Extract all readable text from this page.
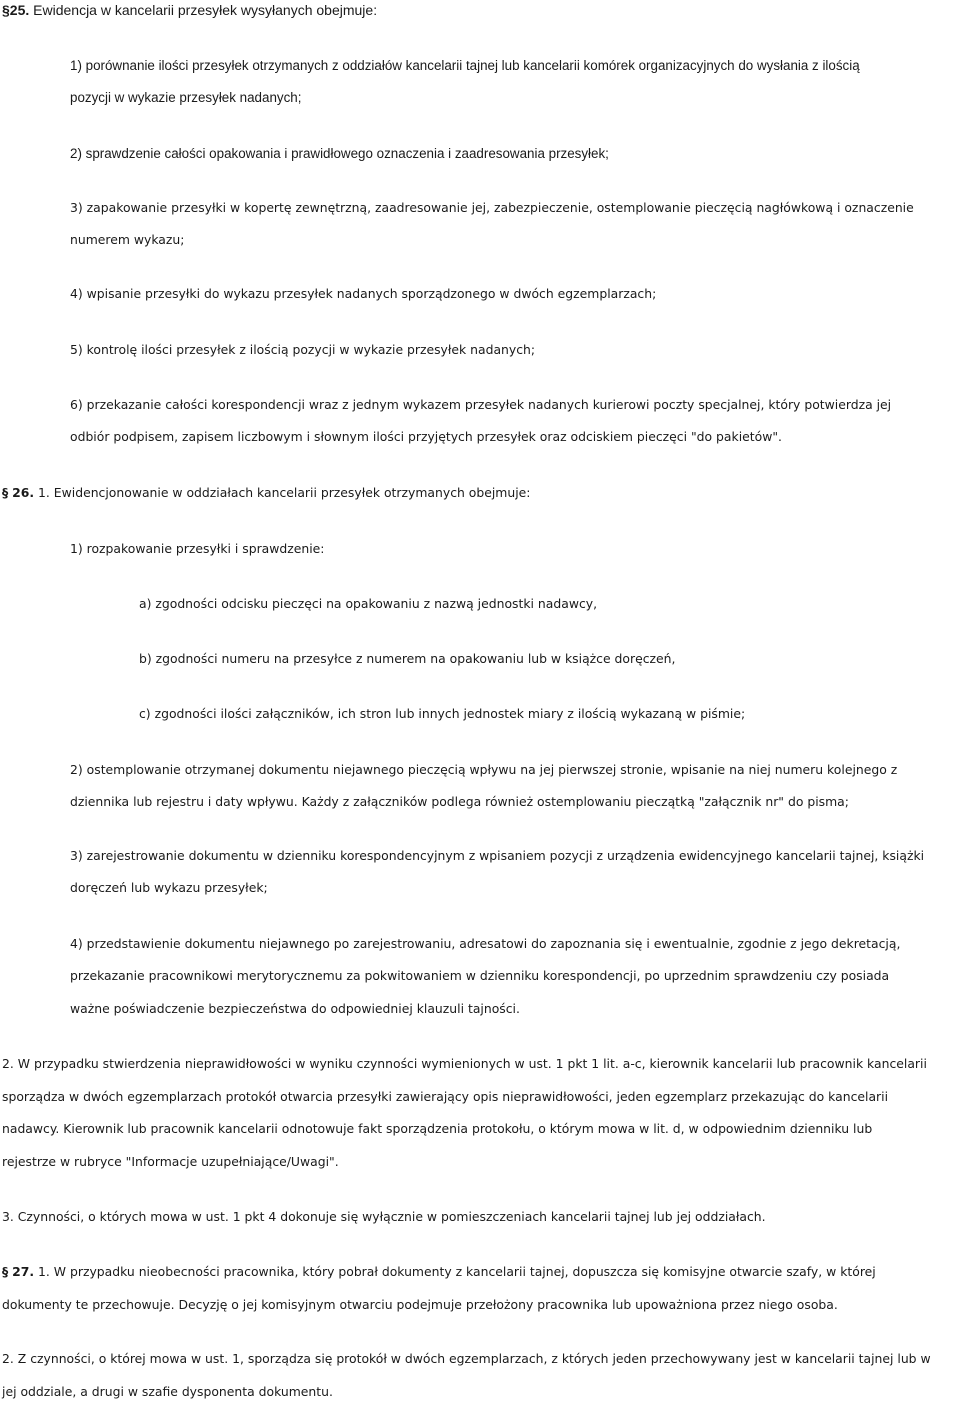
§25. Ewidencja w kancelarii przesyłek wysyłanych obejmuje:
1) porównanie ilości przesyłek otrzymanych z oddziałów kancelarii tajnej lub kancelarii komórek organizacyjnych do wysłania z ilością
pozycji w wykazie przesyłek nadanych;
2) sprawdzenie całości opakowania i prawidłowego oznaczenia i zaadresowania przesyłek;
3) zapakowanie przesyłki w kopertę zewnętrzną, zaadresowanie jej, zabezpieczenie, ostemplowanie pieczęcią nagłówkową i oznaczenie
numerem wykazu;
4) wpisanie przesyłki do wykazu przesyłek nadanych sporządzonego w dwóch egzemplarzach;
5) kontrolę ilości przesyłek z ilością pozycji w wykazie przesyłek nadanych;
6) przekazanie całości korespondencji wraz z jednym wykazem przesyłek nadanych kurierowi poczty specjalnej, który potwierdza jej
odbiór podpisem, zapisem liczbowym i słownym ilości przyjętych przesyłek oraz odciskiem pieczęci "do pakietów".
§ 26. 1. Ewidencjonowanie w oddziałach kancelarii przesyłek otrzymanych obejmuje:
1) rozpakowanie przesyłki i sprawdzenie:
a) zgodności odcisku pieczęci na opakowaniu z nazwą jednostki nadawcy,
b) zgodności numeru na przesyłce z numerem na opakowaniu lub w książce doręczeń,
c) zgodności ilości załączników, ich stron lub innych jednostek miary z ilością wykazaną w piśmie;
2) ostemplowanie otrzymanej dokumentu niejawnego pieczęcią wpływu na jej pierwszej stronie, wpisanie na niej numeru kolejnego z
dziennika lub rejestru i daty wpływu. Każdy z załączników podlega również ostemplowaniu pieczątką "załącznik nr" do pisma;
3) zarejestrowanie dokumentu w dzienniku korespondencyjnym z wpisaniem pozycji z urządzenia ewidencyjnego kancelarii tajnej, książki
doręczeń lub wykazu przesyłek;
4) przedstawienie dokumentu niejawnego po zarejestrowaniu, adresatowi do zapoznania się i ewentualnie, zgodnie z jego dekretacją,
przekazanie pracownikowi merytorycznemu za pokwitowaniem w dzienniku korespondencji, po uprzednim sprawdzeniu czy posiada
ważne poświadczenie bezpieczeństwa do odpowiedniej klauzuli tajności.
2. W przypadku stwierdzenia nieprawidłowości w wyniku czynności wymienionych w ust. 1 pkt 1 lit. a-c, kierownik kancelarii lub pracownik kancelarii
sporządza w dwóch egzemplarzach protokół otwarcia przesyłki zawierający opis nieprawidłowości, jeden egzemplarz przekazując do kancelarii
nadawcy. Kierownik lub pracownik kancelarii odnotowuje fakt sporządzenia protokołu, o którym mowa w lit. d, w odpowiednim dzienniku lub
rejestrze w rubryce "Informacje uzupełniające/Uwagi".
3. Czynności, o których mowa w ust. 1 pkt 4 dokonuje się wyłącznie w pomieszczeniach kancelarii tajnej lub jej oddziałach.
§ 27. 1. W przypadku nieobecności pracownika, który pobrał dokumenty z kancelarii tajnej, dopuszcza się komisyjne otwarcie szafy, w której
dokumenty te przechowuje. Decyzję o jej komisyjnym otwarciu podejmuje przełożony pracownika lub upoważniona przez niego osoba.
2. Z czynności, o której mowa w ust. 1, sporządza się protokół w dwóch egzemplarzach, z których jeden przechowywany jest w kancelarii tajnej lub w
jej oddziale, a drugi w szafie dysponenta dokumentu.
